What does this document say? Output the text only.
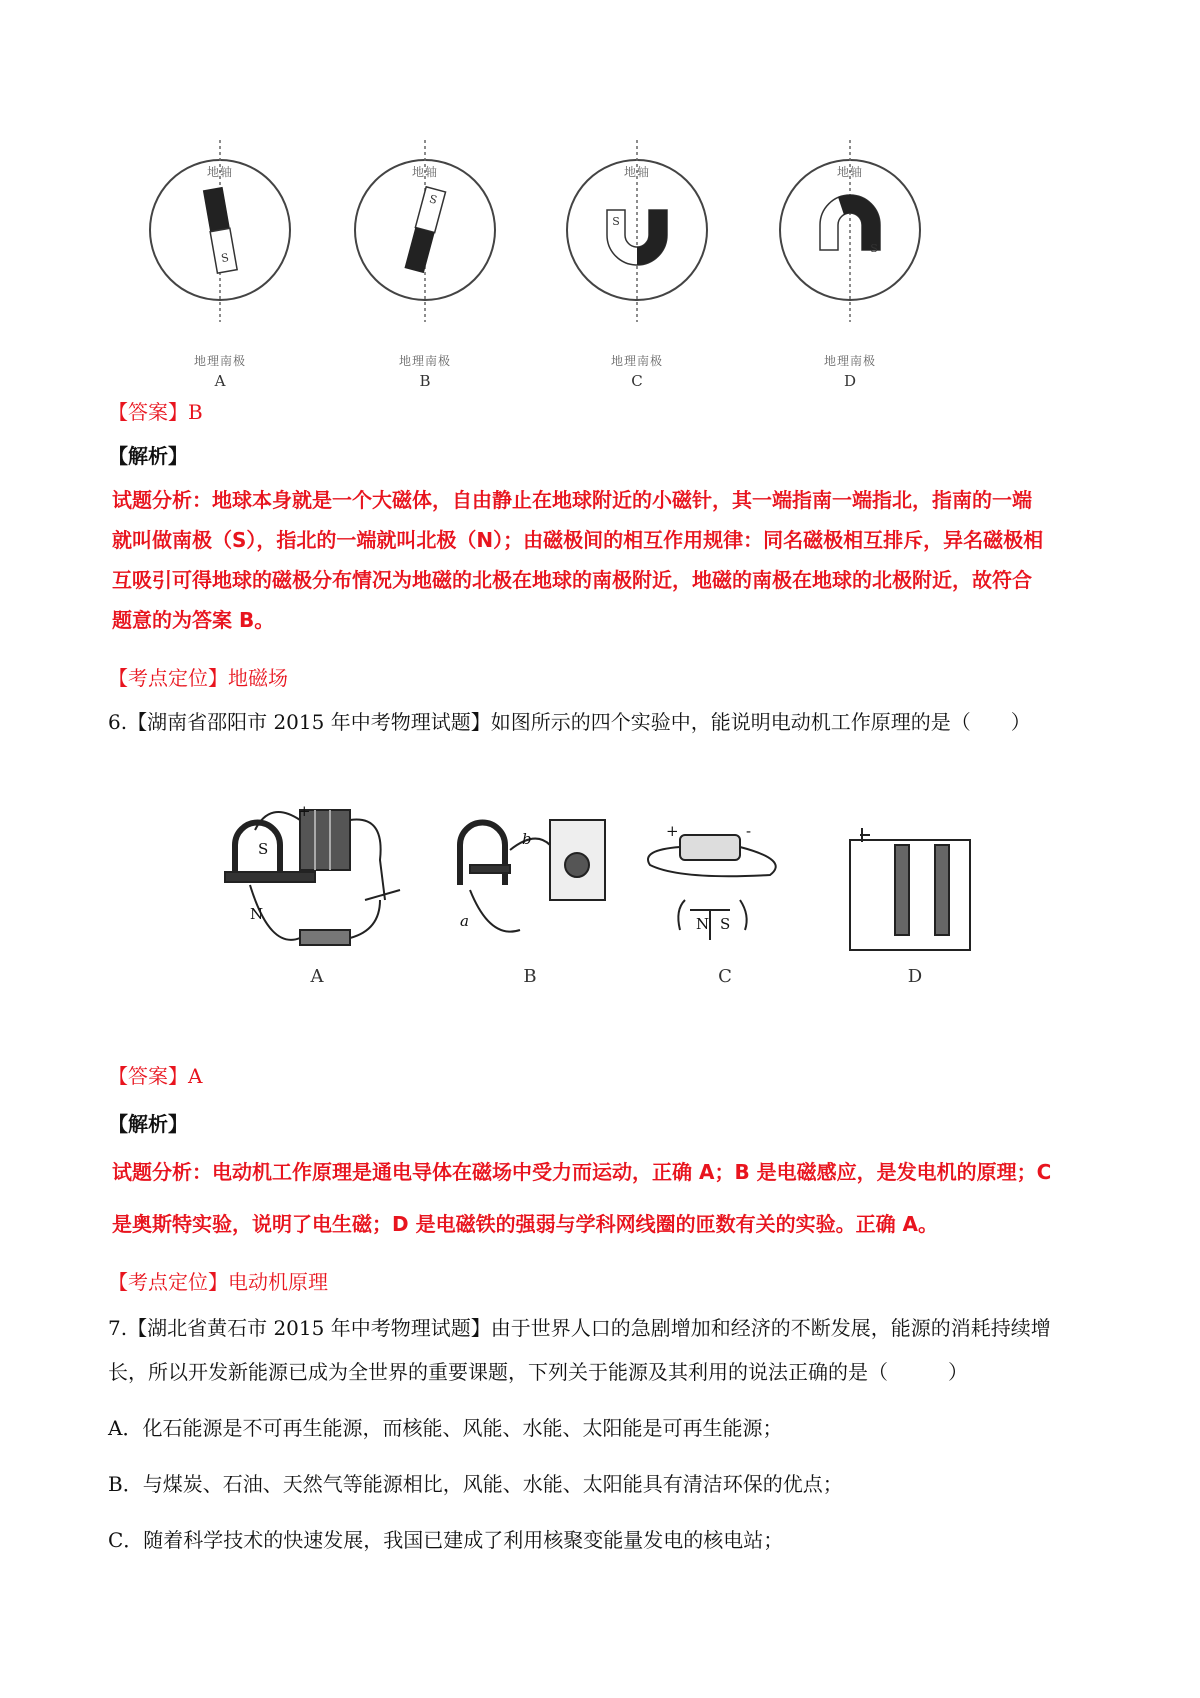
S
S
S
S
地轴	地轴	地轴	地轴
地理南极	地理南极	地理南极	地理南极
A	B	C	D
【答案】B
【解析】
试题分析：地球本身就是一个大磁体，自由静止在地球附近的小磁针，其一端指南一端指北，指南的一端
就叫做南极（S），指北的一端就叫北极（N）；由磁极间的相互作用规律：同名磁极相互排斥，异名磁极相
互吸引可得地球的磁极分布情况为地磁的北极在地球的南极附近，地磁的南极在地球的北极附近，故符合
题意的为答案 B。
【考点定位】地磁场
6.【湖南省邵阳市 2015 年中考物理试题】如图所示的四个实验中，能说明电动机工作原理的是（　　）
S
N
+
a
b	+	-
N S
A	B	C	D
【答案】A
【解析】
试题分析：电动机工作原理是通电导体在磁场中受力而运动，正确 A；B 是电磁感应，是发电机的原理；C
是奥斯特实验，说明了电生磁；D 是电磁铁的强弱与学科网线圈的匝数有关的实验。正确 A。
【考点定位】电动机原理
7.【湖北省黄石市 2015 年中考物理试题】由于世界人口的急剧增加和经济的不断发展，能源的消耗持续增
长，所以开发新能源已成为全世界的重要课题，下列关于能源及其利用的说法正确的是（　　　）
A．化石能源是不可再生能源，而核能、风能、水能、太阳能是可再生能源；
B．与煤炭、石油、天然气等能源相比，风能、水能、太阳能具有清洁环保的优点；
C．随着科学技术的快速发展，我国已建成了利用核聚变能量发电的核电站；
